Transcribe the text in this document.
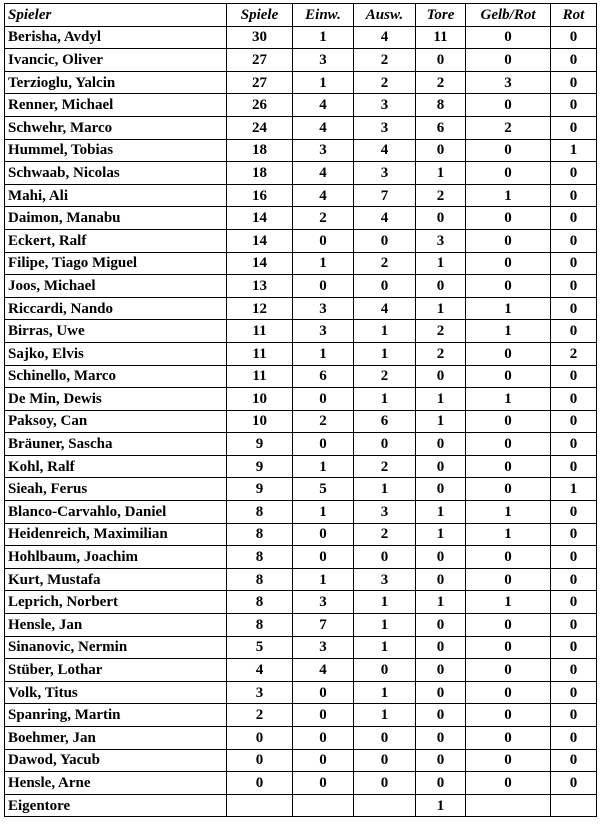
Spieler	Spiele	Einw.	Ausw.	Tore	Gelb/Rot	Rot
Berisha, Avdyl	30	1	4	11	0	0
Ivancic, Oliver	27	3	2	0	0	0
Terzioglu, Yalcin	27	1	2	2	3	0
Renner, Michael	26	4	3	8	0	0
Schwehr, Marco	24	4	3	6	2	0
Hummel, Tobias	18	3	4	0	0	1
Schwaab, Nicolas	18	4	3	1	0	0
Mahi, Ali	16	4	7	2	1	0
Daimon, Manabu	14	2	4	0	0	0
Eckert, Ralf	14	0	0	3	0	0
Filipe, Tiago Miguel	14	1	2	1	0	0
Joos, Michael	13	0	0	0	0	0
Riccardi, Nando	12	3	4	1	1	0
Birras, Uwe	11	3	1	2	1	0
Sajko, Elvis	11	1	1	2	0	2
Schinello, Marco	11	6	2	0	0	0
De Min, Dewis	10	0	1	1	1	0
Paksoy, Can	10	2	6	1	0	0
Bräuner, Sascha	9	0	0	0	0	0
Kohl, Ralf	9	1	2	0	0	0
Sieah, Ferus	9	5	1	0	0	1
Blanco-Carvahlo, Daniel	8	1	3	1	1	0
Heidenreich, Maximilian	8	0	2	1	1	0
Hohlbaum, Joachim	8	0	0	0	0	0
Kurt, Mustafa	8	1	3	0	0	0
Leprich, Norbert	8	3	1	1	1	0
Hensle, Jan	8	7	1	0	0	0
Sinanovic, Nermin	5	3	1	0	0	0
Stüber, Lothar	4	4	0	0	0	0
Volk, Titus	3	0	1	0	0	0
Spanring, Martin	2	0	1	0	0	0
Boehmer, Jan	0	0	0	0	0	0
Dawod, Yacub	0	0	0	0	0	0
Hensle, Arne	0	0	0	0	0	0
Eigentore				1		
